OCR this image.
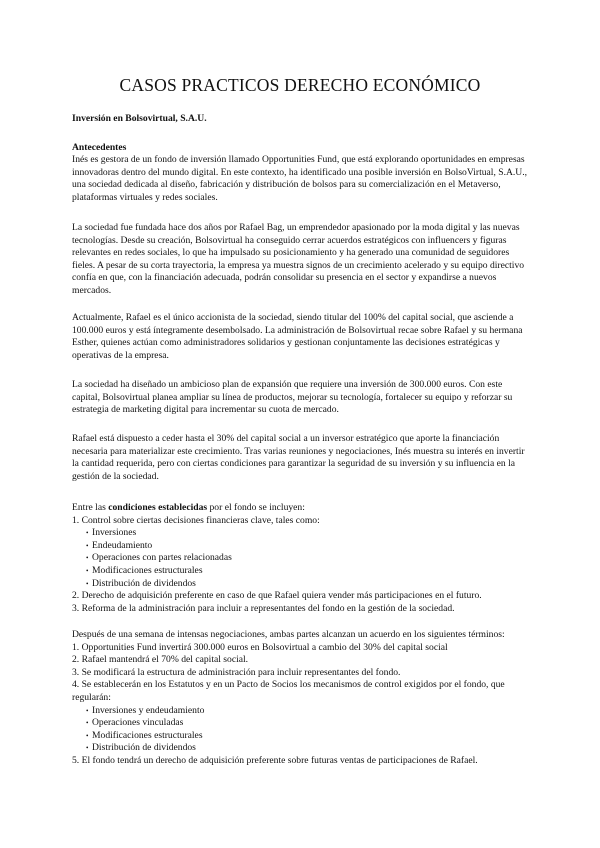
CASOS PRACTICOS DERECHO ECONÓMICO
Inversión en Bolsovirtual, S.A.U.
Antecedentes

Inés es gestora de un fondo de inversión llamado Opportunities Fund, que está explorando oportunidades en empresas innovadoras dentro del mundo digital. En este contexto, ha identificado una posible inversión en BolsoVirtual, S.A.U., una sociedad dedicada al diseño, fabricación y distribución de bolsos para su comercialización en el Metaverso, plataformas virtuales y redes sociales.

La sociedad fue fundada hace dos años por Rafael Bag, un emprendedor apasionado por la moda digital y las nuevas tecnologías. Desde su creación, Bolsovirtual ha conseguido cerrar acuerdos estratégicos con influencers y figuras relevantes en redes sociales, lo que ha impulsado su posicionamiento y ha generado una comunidad de seguidores fieles. A pesar de su corta trayectoria, la empresa ya muestra signos de un crecimiento acelerado y su equipo directivo confía en que, con la financiación adecuada, podrán consolidar su presencia en el sector y expandirse a nuevos mercados.

Actualmente, Rafael es el único accionista de la sociedad, siendo titular del 100% del capital social, que asciende a 100.000 euros y está íntegramente desembolsado. La administración de Bolsovirtual recae sobre Rafael y su hermana Esther, quienes actúan como administradores solidarios y gestionan conjuntamente las decisiones estratégicas y operativas de la empresa.

La sociedad ha diseñado un ambicioso plan de expansión que requiere una inversión de 300.000 euros. Con este capital, Bolsovirtual planea ampliar su línea de productos, mejorar su tecnología, fortalecer su equipo y reforzar su estrategia de marketing digital para incrementar su cuota de mercado.

Rafael está dispuesto a ceder hasta el 30% del capital social a un inversor estratégico que aporte la financiación necesaria para materializar este crecimiento. Tras varias reuniones y negociaciones, Inés muestra su interés en invertir la cantidad requerida, pero con ciertas condiciones para garantizar la seguridad de su inversión y su influencia en la gestión de la sociedad.

Entre las condiciones establecidas por el fondo se incluyen:

1. Control sobre ciertas decisiones financieras clave, tales como:
• Inversiones
• Endeudamiento
• Operaciones con partes relacionadas
• Modificaciones estructurales
• Distribución de dividendos
2. Derecho de adquisición preferente en caso de que Rafael quiera vender más participaciones en el futuro.
3. Reforma de la administración para incluir a representantes del fondo en la gestión de la sociedad.

Después de una semana de intensas negociaciones, ambas partes alcanzan un acuerdo en los siguientes términos:

1. Opportunities Fund invertirá 300.000 euros en Bolsovirtual a cambio del 30% del capital social
2. Rafael mantendrá el 70% del capital social.
3. Se modificará la estructura de administración para incluir representantes del fondo.
4. Se establecerán en los Estatutos y en un Pacto de Socios los mecanismos de control exigidos por el fondo, que regularán:
• Inversiones y endeudamiento
• Operaciones vinculadas
• Modificaciones estructurales
• Distribución de dividendos
5. El fondo tendrá un derecho de adquisición preferente sobre futuras ventas de participaciones de Rafael.
